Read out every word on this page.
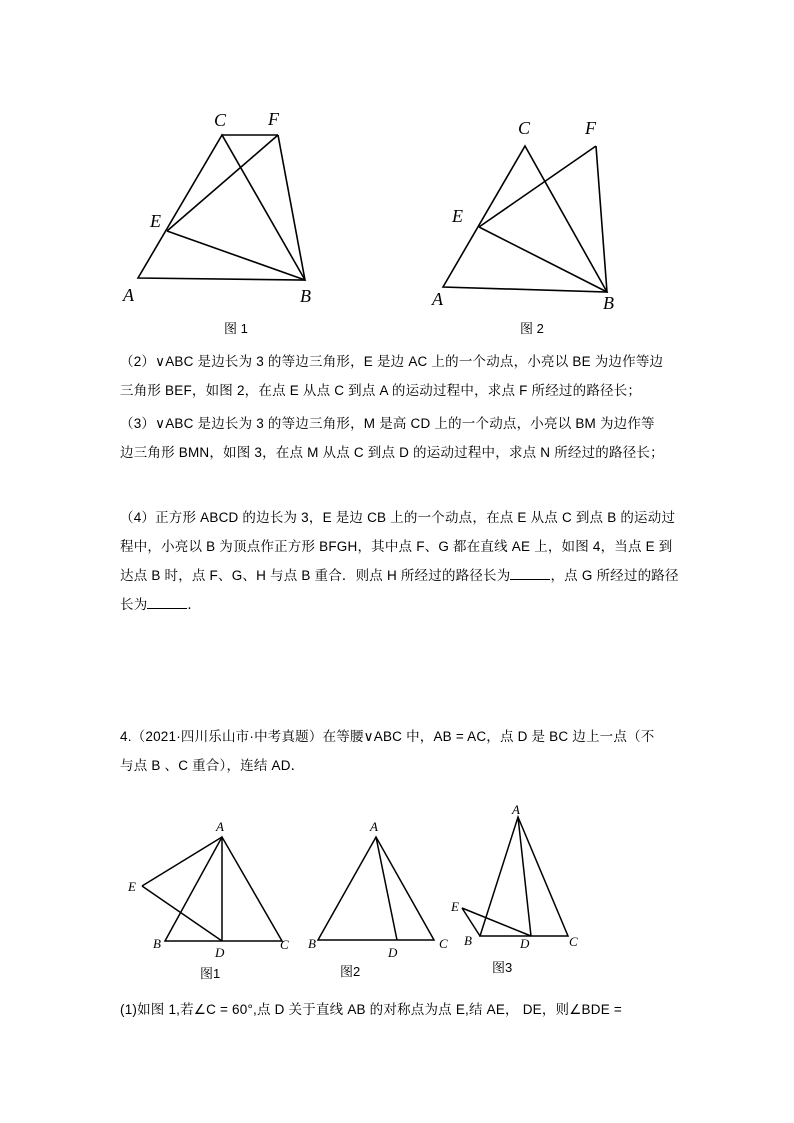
C F
E
A	B
图 1
C	F
E
A	B
图 2
（2）∨ABC 是边长为 3 的等边三角形，E 是边 AC 上的一个动点，小亮以 BE 为边作等边
三角形 BEF，如图 2，在点 E 从点 C 到点 A 的运动过程中，求点 F 所经过的路径长；
（3）∨ABC 是边长为 3 的等边三角形，M 是高 CD 上的一个动点，小亮以 BM 为边作等
边三角形 BMN，如图 3，在点 M 从点 C 到点 D 的运动过程中，求点 N 所经过的路径长；
（4）正方形 ABCD 的边长为 3，E 是边 CB 上的一个动点，在点 E 从点 C 到点 B 的运动过
程中，小亮以 B 为顶点作正方形 BFGH，其中点 F、G 都在直线 AE 上，如图 4，当点 E 到
达点 B 时，点 F、G、H 与点 B 重合．则点 H 所经过的路径长为	，点 G 所经过的路径
长为	．
4.（2021·四川乐山市·中考真题）在等腰∨ABC 中，AB = AC，点 D 是 BC 边上一点（不
与点 B 、C 重合），连结 AD．
A
E
B
D
C
图1
A
B
D
C
图2
A
E
B	D	C
图3
(1)如图 1,若∠C = 60°,点 D 关于直线 AB 的对称点为点 E,结 AE， DE，则∠BDE =
